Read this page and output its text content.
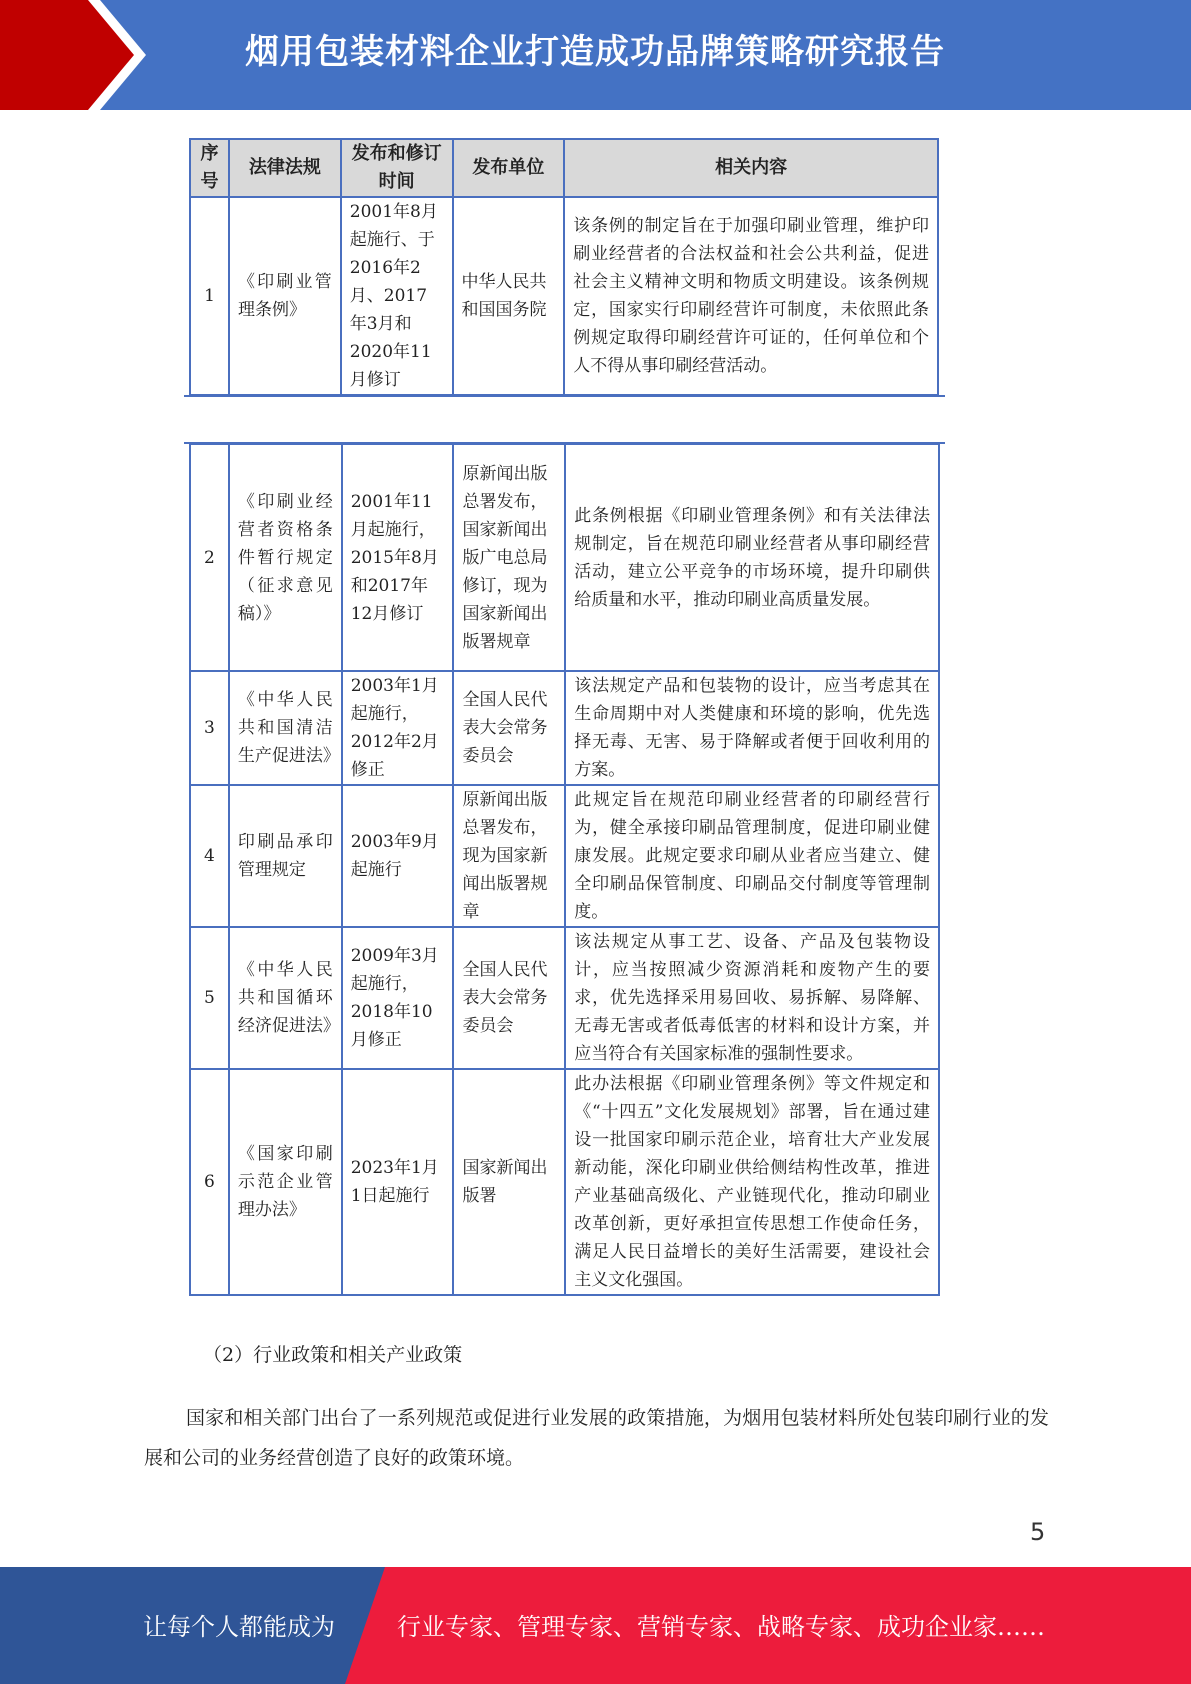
烟用包装材料企业打造成功品牌策略研究报告
序号	法律法规	发布和修订时间	发布单位	相关内容
1	《印刷业管理条例》	2001年8月起施行、于2016年2月、2017年3月和2020年11月修订	中华人民共和国国务院	该条例的制定旨在于加强印刷业管理，维护印刷业经营者的合法权益和社会公共利益，促进社会主义精神文明和物质文明建设。该条例规定，国家实行印刷经营许可制度，未依照此条例规定取得印刷经营许可证的，任何单位和个人不得从事印刷经营活动。
2	《印刷业经营者资格条件暂行规定（征求意见稿）》	2001年11月起施行，2015年8月和2017年12月修订	原新闻出版总署发布，国家新闻出版广电总局修订，现为国家新闻出版署规章	此条例根据《印刷业管理条例》和有关法律法规制定，旨在规范印刷业经营者从事印刷经营活动，建立公平竞争的市场环境，提升印刷供给质量和水平，推动印刷业高质量发展。
3	《中华人民共和国清洁生产促进法》	2003年1月起施行，2012年2月修正	全国人民代表大会常务委员会	该法规定产品和包装物的设计，应当考虑其在生命周期中对人类健康和环境的影响，优先选择无毒、无害、易于降解或者便于回收利用的方案。
4	印刷品承印管理规定	2003年9月起施行	原新闻出版总署发布，现为国家新闻出版署规章	此规定旨在规范印刷业经营者的印刷经营行为，健全承接印刷品管理制度，促进印刷业健康发展。此规定要求印刷从业者应当建立、健全印刷品保管制度、印刷品交付制度等管理制度。
5	《中华人民共和国循环经济促进法》	2009年3月起施行，2018年10月修正	全国人民代表大会常务委员会	该法规定从事工艺、设备、产品及包装物设计，应当按照减少资源消耗和废物产生的要求，优先选择采用易回收、易拆解、易降解、无毒无害或者低毒低害的材料和设计方案，并应当符合有关国家标准的强制性要求。
6	《国家印刷示范企业管理办法》	2023年1月1日起施行	国家新闻出版署	此办法根据《印刷业管理条例》等文件规定和《“十四五”文化发展规划》部署，旨在通过建设一批国家印刷示范企业，培育壮大产业发展新动能，深化印刷业供给侧结构性改革，推进产业基础高级化、产业链现代化，推动印刷业改革创新，更好承担宣传思想工作使命任务，满足人民日益增长的美好生活需要，建设社会主义文化强国。
（2）行业政策和相关产业政策
国家和相关部门出台了一系列规范或促进行业发展的政策措施，为烟用包装材料所处包装印刷行业的发展和公司的业务经营创造了良好的政策环境。
5
让每个人都能成为	行业专家、管理专家、营销专家、战略专家、成功企业家……
